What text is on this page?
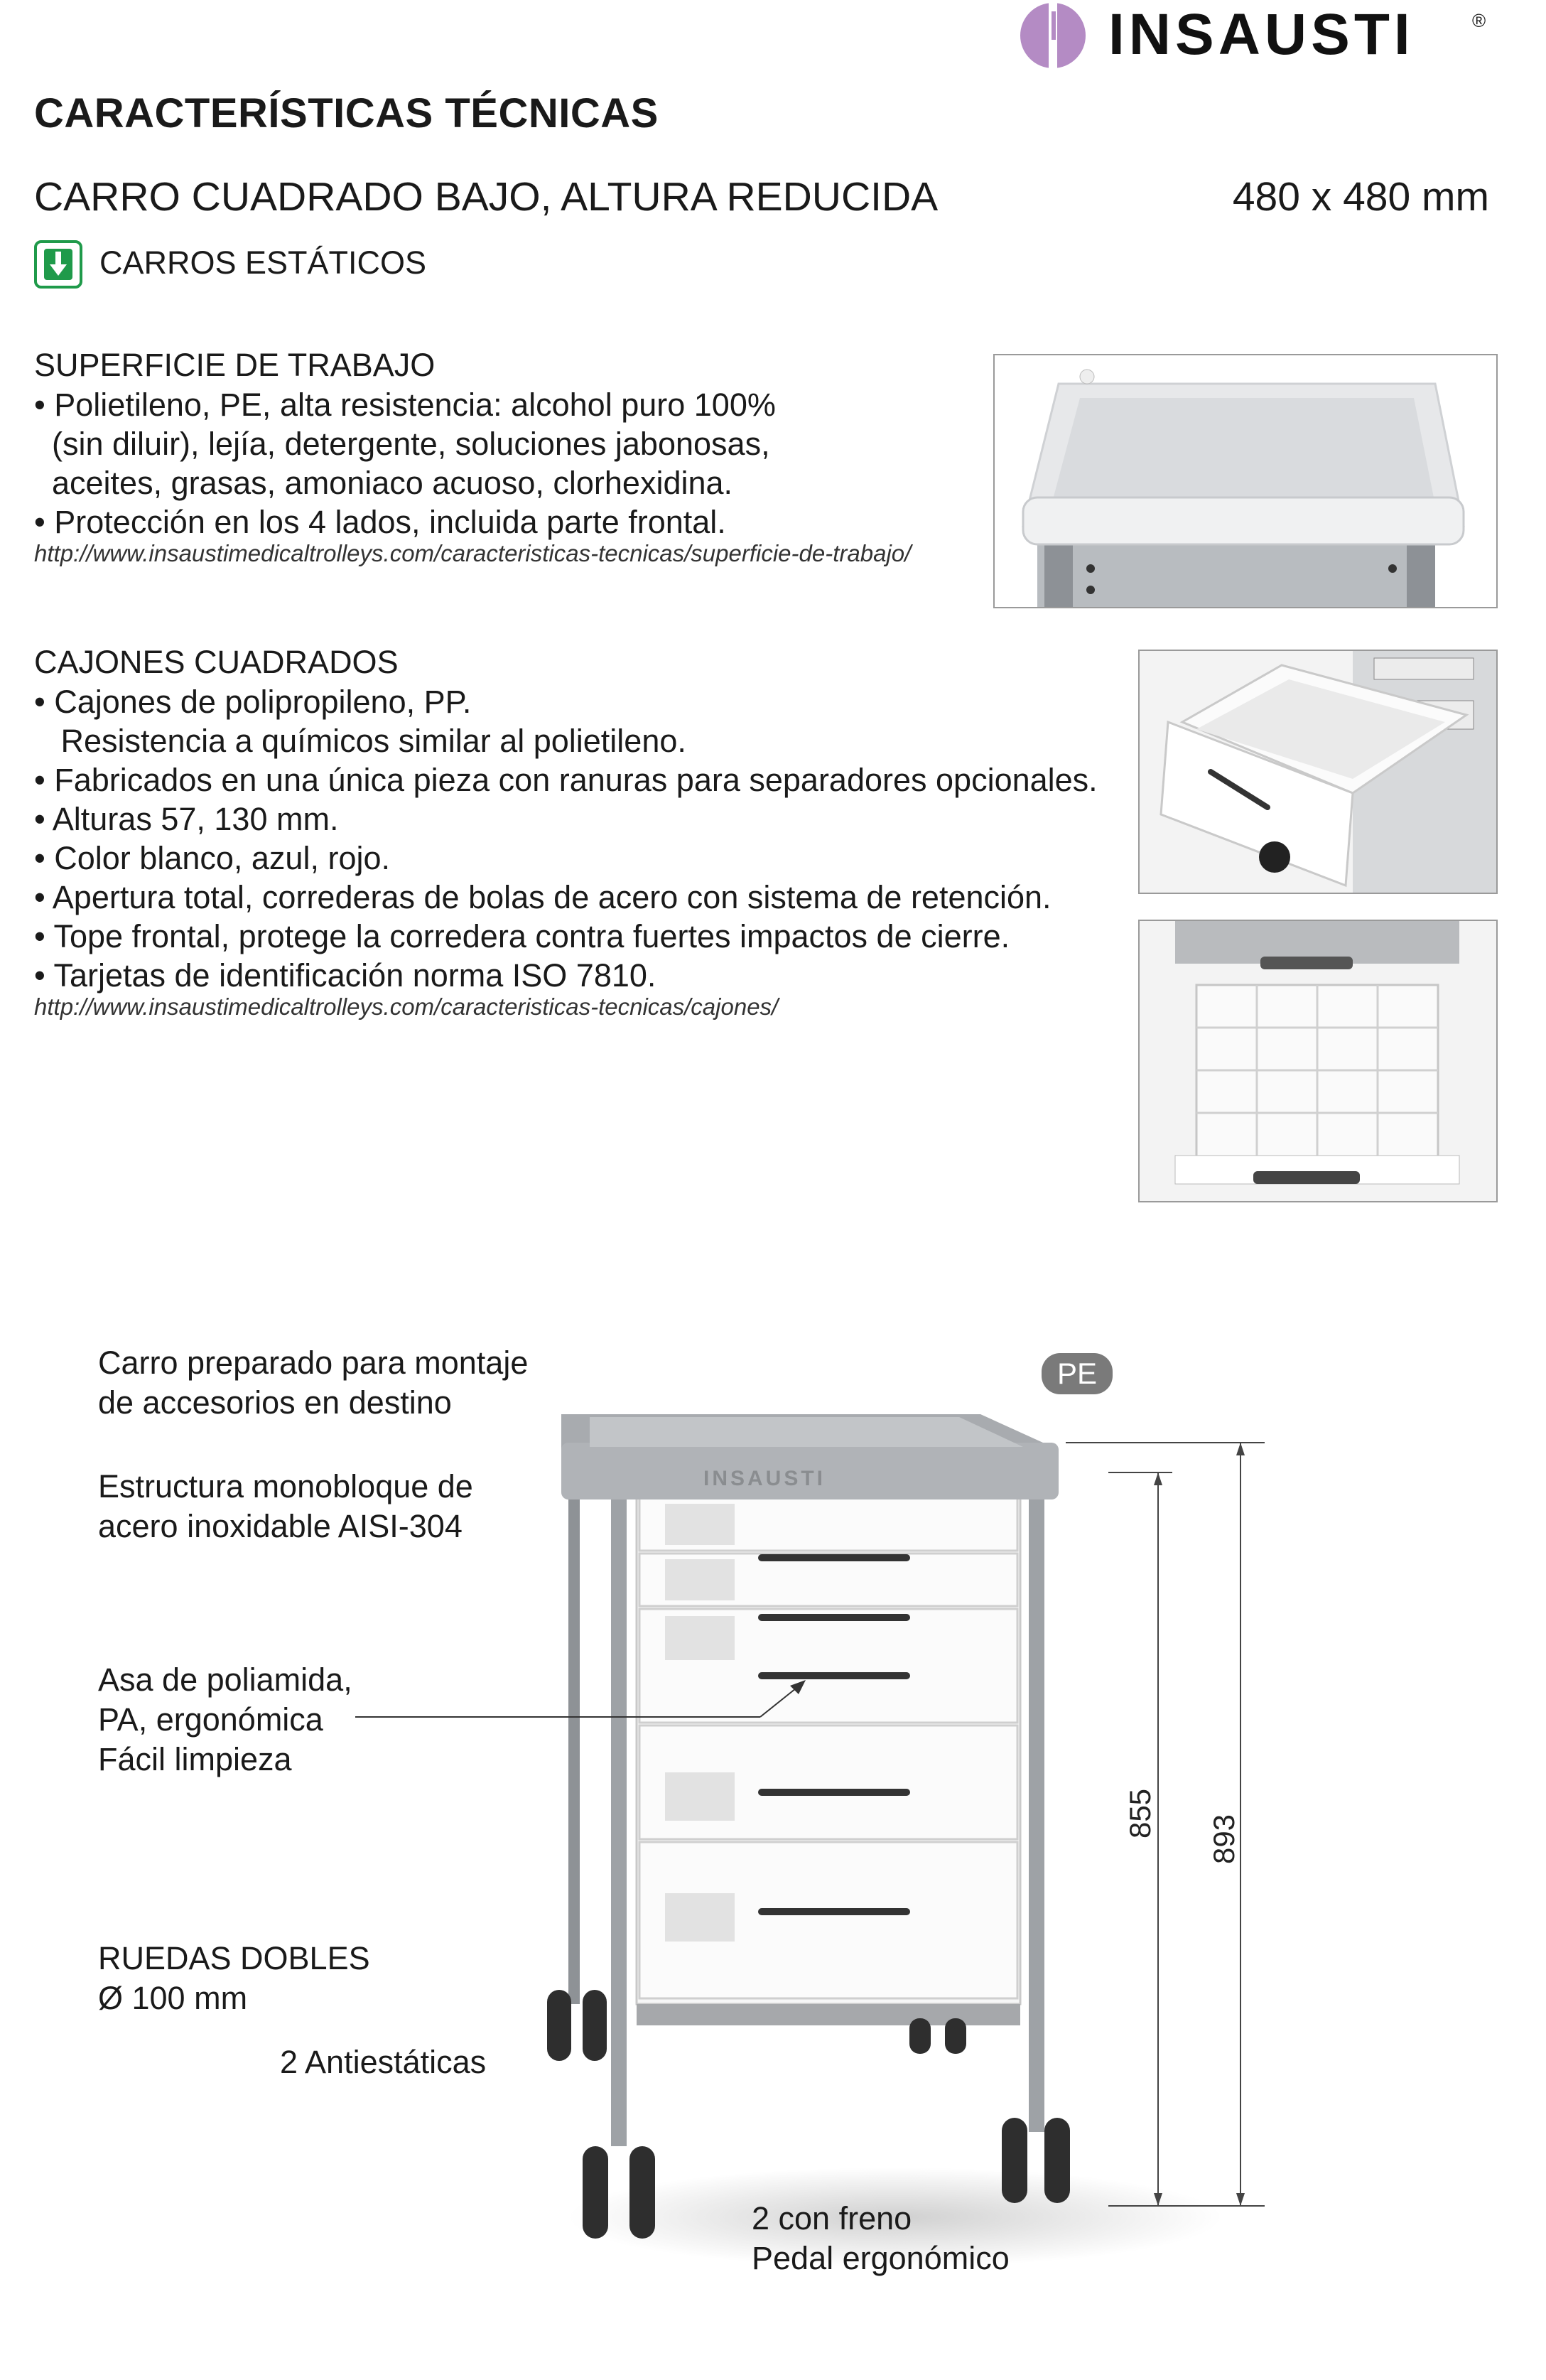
INSAUSTI	®
CARACTERÍSTICAS TÉCNICAS
CARRO CUADRADO BAJO, ALTURA REDUCIDA	480 x 480 mm
CARROS ESTÁTICOS
SUPERFICIE DE TRABAJO
• Polietileno, PE, alta resistencia: alcohol puro 100%
(sin diluir), lejía, detergente, soluciones jabonosas,
aceites, grasas, amoniaco acuoso, clorhexidina.
• Protección en los 4 lados, incluida parte frontal.
http://www.insaustimedicaltrolleys.com/caracteristicas-tecnicas/superficie-de-trabajo/
CAJONES CUADRADOS
• Cajones de polipropileno, PP.
Resistencia a químicos similar al polietileno.
• Fabricados en una única pieza con ranuras para separadores opcionales.
• Alturas 57, 130 mm.
• Color blanco, azul, rojo.
• Apertura total, correderas de bolas de acero con sistema de retención.
• Tope frontal, protege la corredera contra fuertes impactos de cierre.
• Tarjetas de identificación norma ISO 7810.
http://www.insaustimedicaltrolleys.com/caracteristicas-tecnicas/cajones/
INSAUSTI
855
893
PE
Carro preparado para montaje
de accesorios en destino
Estructura monobloque de
acero inoxidable AISI-304
Asa de poliamida,
PA, ergonómica
Fácil limpieza
RUEDAS DOBLES
Ø 100 mm
2 Antiestáticas
2 con freno
Pedal ergonómico
